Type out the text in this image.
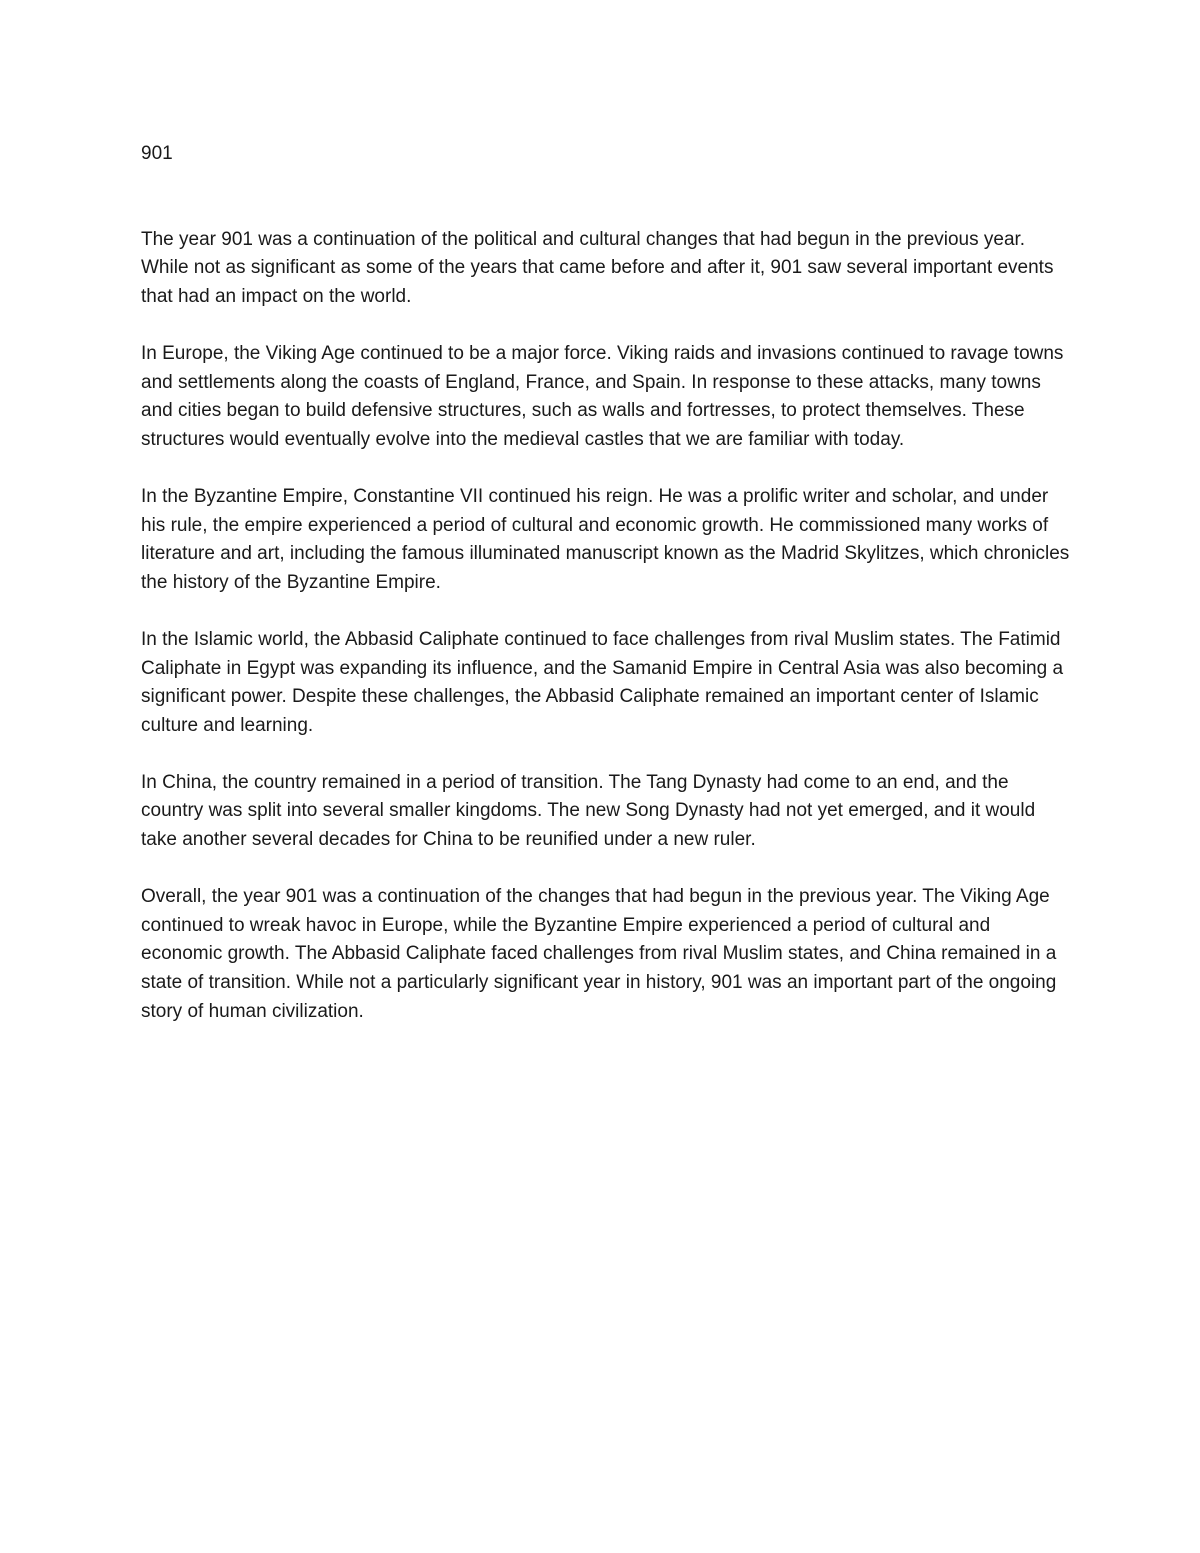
901

The year 901 was a continuation of the political and cultural changes that had begun in the previous year. While not as significant as some of the years that came before and after it, 901 saw several important events that had an impact on the world.

In Europe, the Viking Age continued to be a major force. Viking raids and invasions continued to ravage towns and settlements along the coasts of England, France, and Spain. In response to these attacks, many towns and cities began to build defensive structures, such as walls and fortresses, to protect themselves. These structures would eventually evolve into the medieval castles that we are familiar with today.

In the Byzantine Empire, Constantine VII continued his reign. He was a prolific writer and scholar, and under his rule, the empire experienced a period of cultural and economic growth. He commissioned many works of literature and art, including the famous illuminated manuscript known as the Madrid Skylitzes, which chronicles the history of the Byzantine Empire.

In the Islamic world, the Abbasid Caliphate continued to face challenges from rival Muslim states. The Fatimid Caliphate in Egypt was expanding its influence, and the Samanid Empire in Central Asia was also becoming a significant power. Despite these challenges, the Abbasid Caliphate remained an important center of Islamic culture and learning.

In China, the country remained in a period of transition. The Tang Dynasty had come to an end, and the country was split into several smaller kingdoms. The new Song Dynasty had not yet emerged, and it would take another several decades for China to be reunified under a new ruler.

Overall, the year 901 was a continuation of the changes that had begun in the previous year. The Viking Age continued to wreak havoc in Europe, while the Byzantine Empire experienced a period of cultural and economic growth. The Abbasid Caliphate faced challenges from rival Muslim states, and China remained in a state of transition. While not a particularly significant year in history, 901 was an important part of the ongoing story of human civilization.
